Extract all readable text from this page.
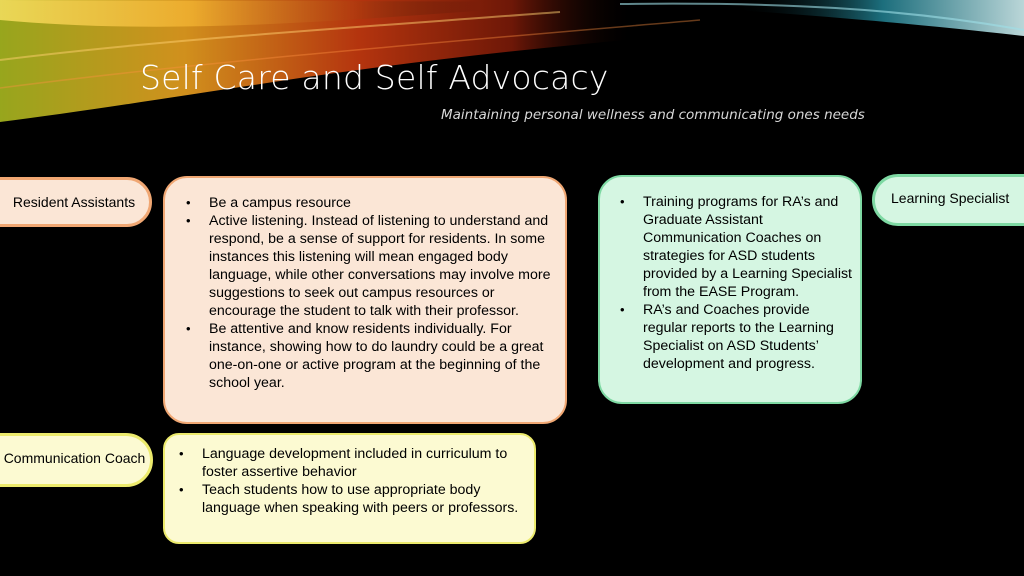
Self Care and Self Advocacy
Maintaining personal wellness and communicating ones needs
Resident Assistants	• Be a campus resource
• Active listening. Instead of listening to understand and respond, be a sense of support for residents. In some instances this listening will mean engaged body language, while other conversations may involve more suggestions to seek out campus resources or encourage the student to talk with their professor.
• Be attentive and know residents individually. For instance, showing how to do laundry could be a great one-on-one or active program at the beginning of the school year.
• Training programs for RA’s and Graduate Assistant Communication Coaches on strategies for ASD students provided by a Learning Specialist from the EASE Program.
• RA’s and Coaches provide regular reports to the Learning Specialist on ASD Students’ development and progress.
Learning Specialist
Communication Coach	• Language development included in curriculum to foster assertive behavior
• Teach students how to use appropriate body language when speaking with peers or professors.
